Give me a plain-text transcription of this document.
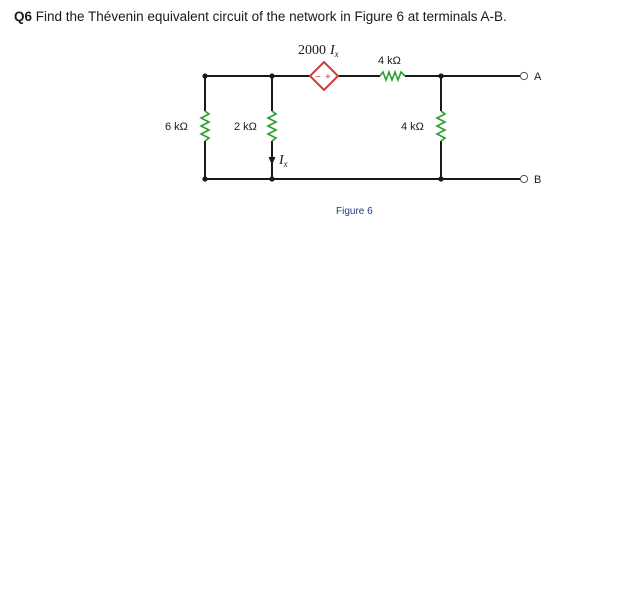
Q6 Find the Thévenin equivalent circuit of the network in Figure 6 at terminals A-B.
A
B
6 kΩ	2 kΩ
4 kΩ
4 kΩ
− +
2000 Ix
Ix
Figure 6
